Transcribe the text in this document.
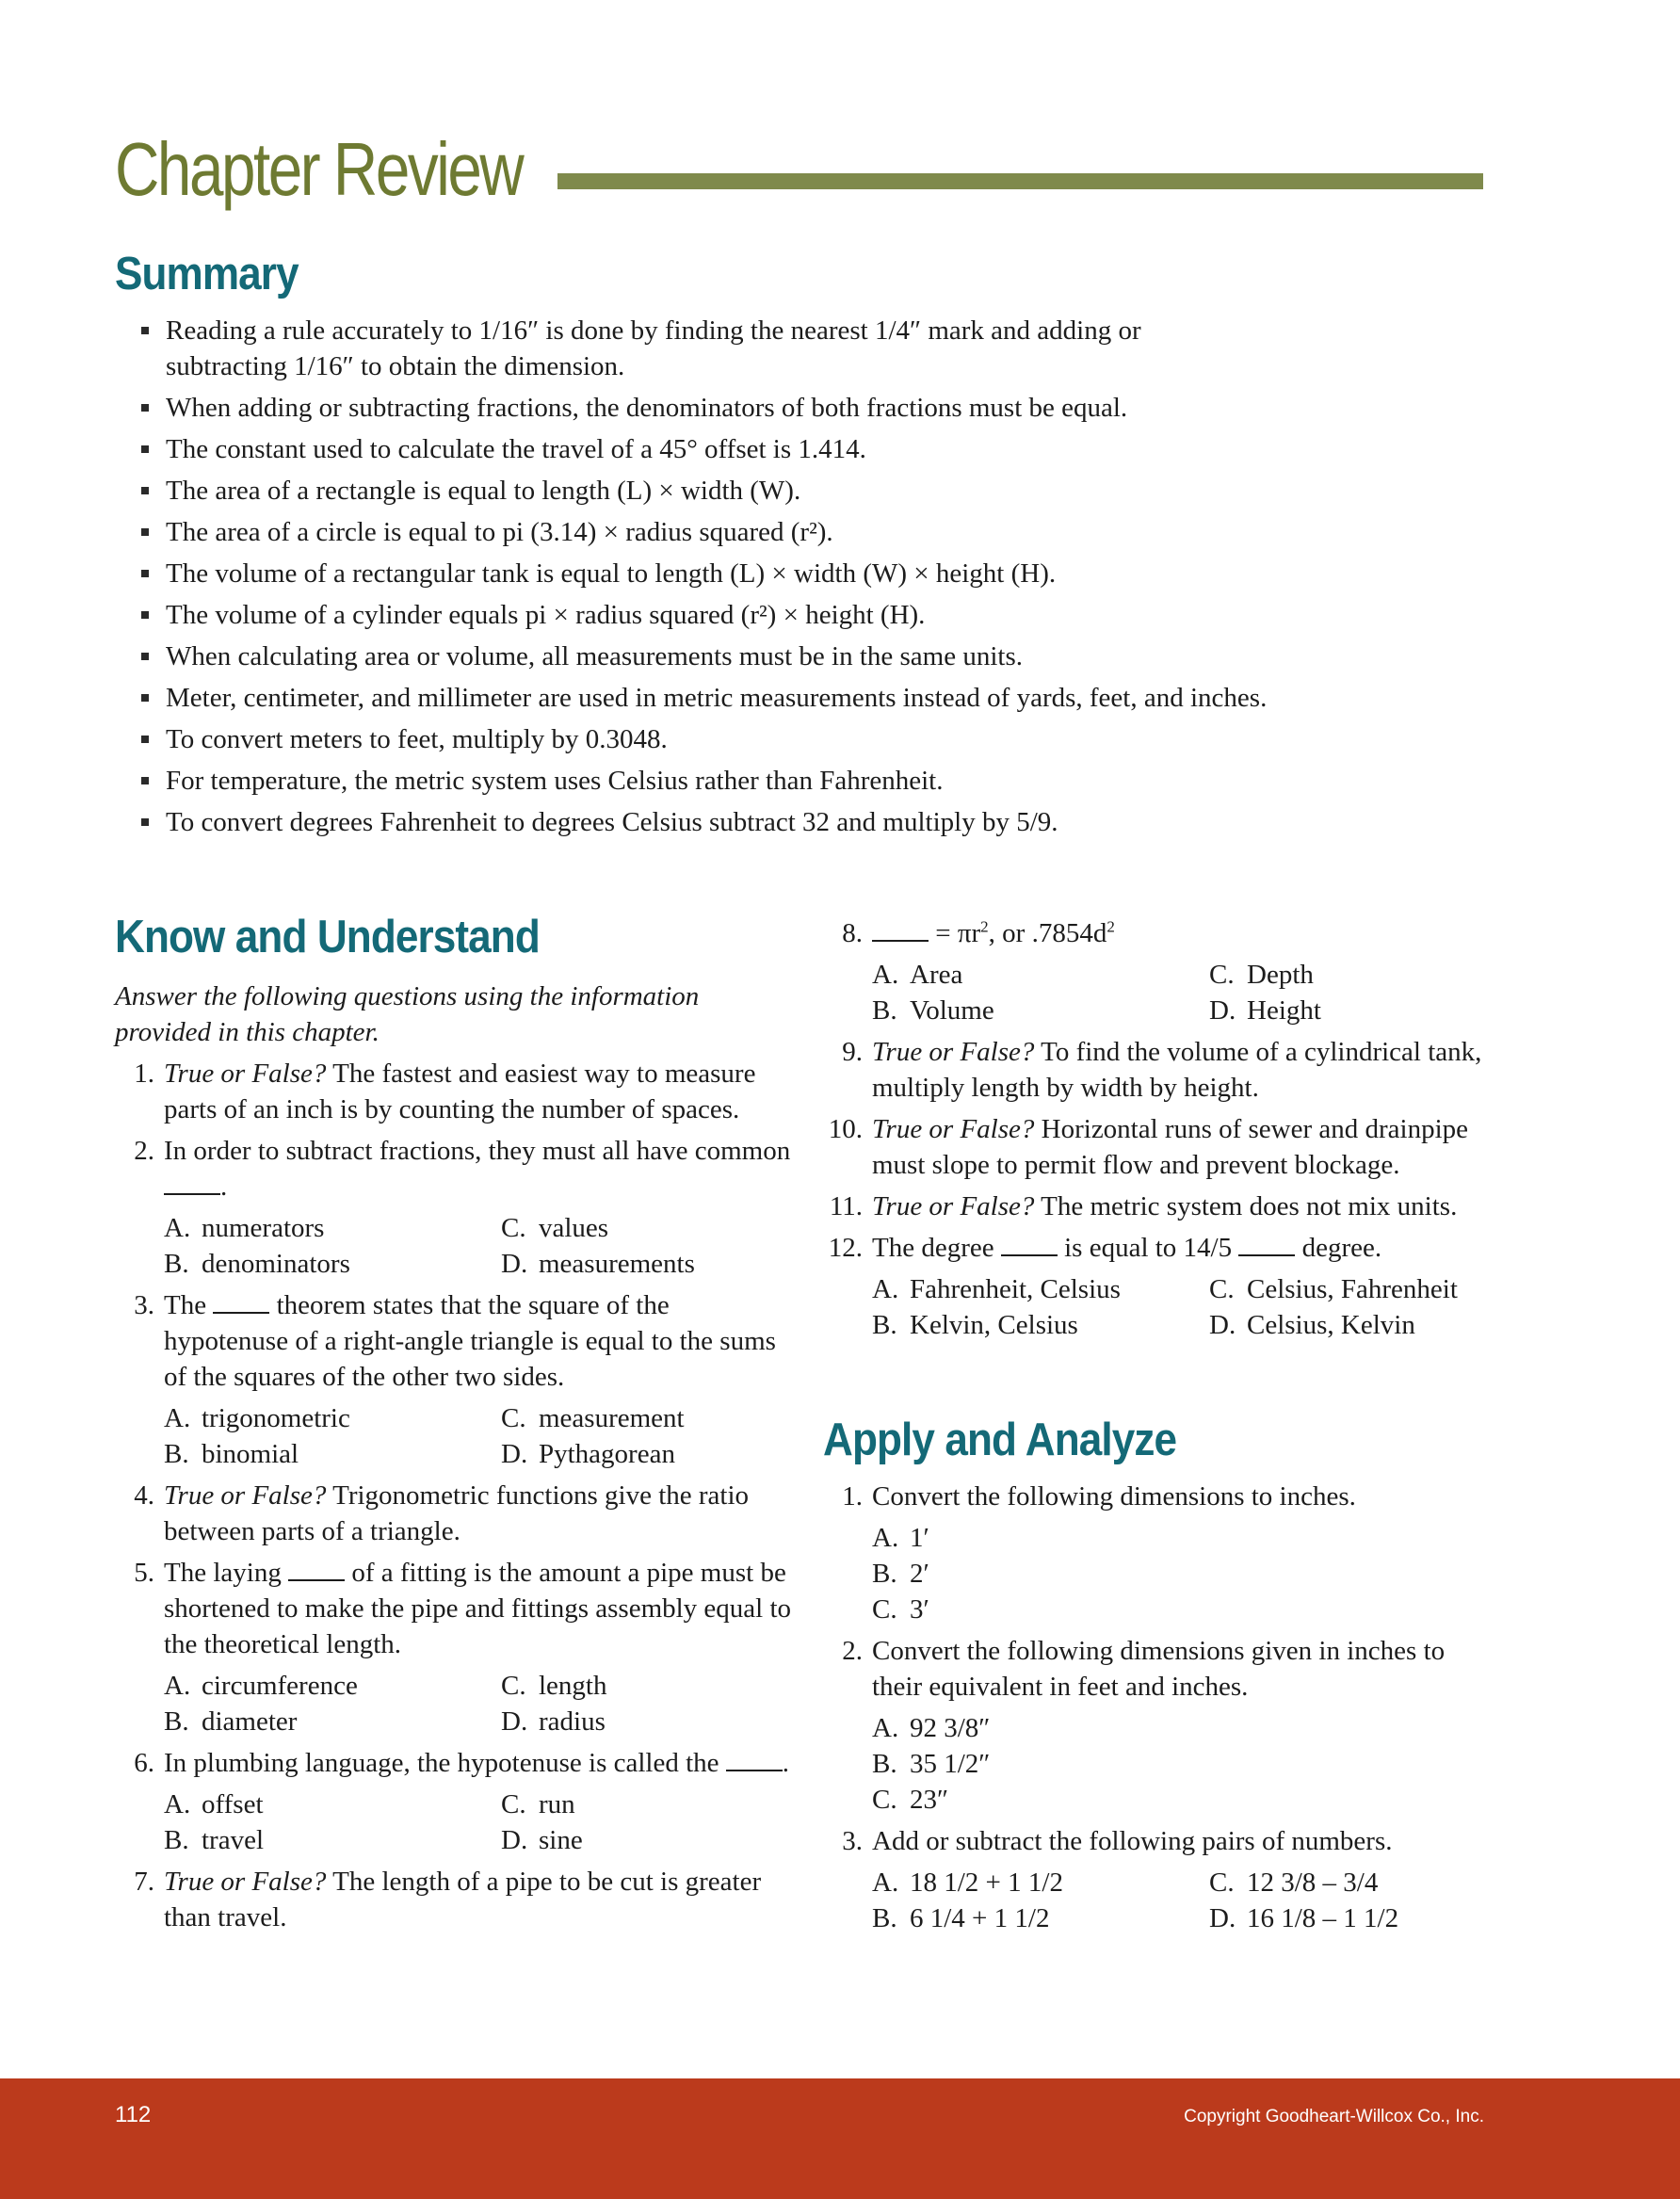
Chapter Review
Summary
Reading a rule accurately to 1/16″ is done by finding the nearest 1/4″ mark and adding or subtracting 1/16″ to obtain the dimension.
When adding or subtracting fractions, the denominators of both fractions must be equal.
The constant used to calculate the travel of a 45° offset is 1.414.
The area of a rectangle is equal to length (L) × width (W).
The area of a circle is equal to pi (3.14) × radius squared (r²).
The volume of a rectangular tank is equal to length (L) × width (W) × height (H).
The volume of a cylinder equals pi × radius squared (r²) × height (H).
When calculating area or volume, all measurements must be in the same units.
Meter, centimeter, and millimeter are used in metric measurements instead of yards, feet, and inches.
To convert meters to feet, multiply by 0.3048.
For temperature, the metric system uses Celsius rather than Fahrenheit.
To convert degrees Fahrenheit to degrees Celsius subtract 32 and multiply by 5/9.
Know and Understand

Answer the following questions using the information provided in this chapter.

1. True or False? The fastest and easiest way to measure parts of an inch is by counting the number of spaces.
2. In order to subtract fractions, they must all have common .
A. numerators	C. values
B. denominators	D. measurements
3. The  theorem states that the square of the hypotenuse of a right-angle triangle is equal to the sums of the squares of the other two sides.
A. trigonometric	C. measurement
B. binomial	D. Pythagorean
4. True or False? Trigonometric functions give the ratio between parts of a triangle.
5. The laying  of a fitting is the amount a pipe must be shortened to make the pipe and fittings assembly equal to the theoretical length.
A. circumference	C. length
B. diameter	D. radius
6. In plumbing language, the hypotenuse is called the .
A. offset	C. run
B. travel	D. sine
7. True or False? The length of a pipe to be cut is greater than travel.
8. = $\pi r^2$, or $.7854d^2$
A. Area	C. Depth
B. Volume	D. Height
9. True or False? To find the volume of a cylindrical tank, multiply length by width by height.
10. True or False? Horizontal runs of sewer and drainpipe must slope to permit flow and prevent blockage.
11. True or False? The metric system does not mix units.
12. The degree  is equal to 14/5  degree.
A. Fahrenheit, Celsius	C. Celsius, Fahrenheit
B. Kelvin, Celsius	D. Celsius, Kelvin
Apply and Analyze
1. Convert the following dimensions to inches.
A. 1′
B. 2′
C. 3′
2. Convert the following dimensions given in inches to their equivalent in feet and inches.
A. 92 3/8″
B. 35 1/2″
C. 23″
3. Add or subtract the following pairs of numbers.
A. 18 1/2 + 1 1/2	C. 12 3/8 – 3/4
B. 6 1/4 + 1 1/2	D. 16 1/8 – 1 1/2
112	Copyright Goodheart-Willcox Co., Inc.
